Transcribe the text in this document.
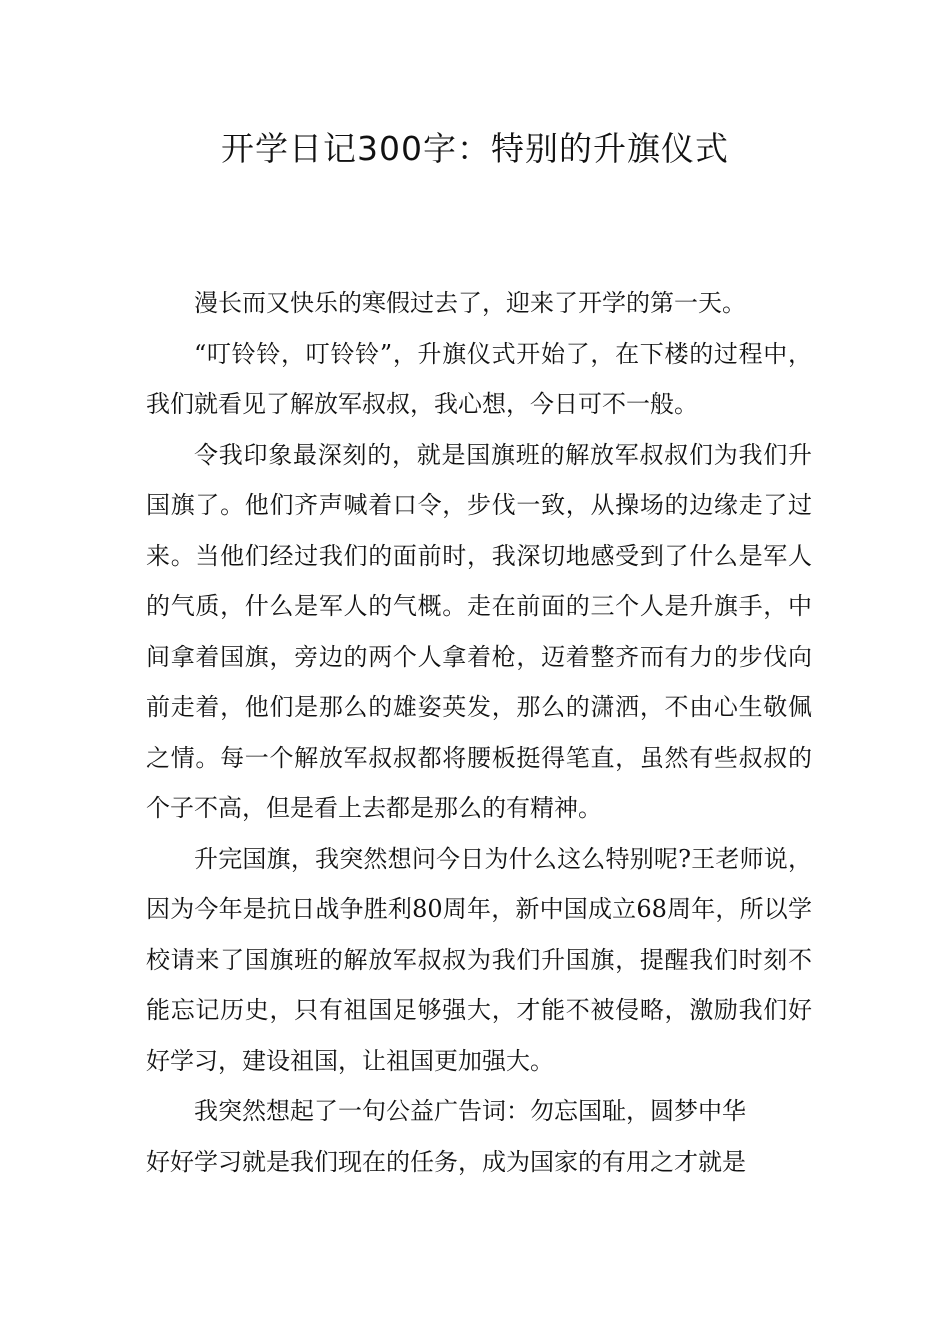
开学日记300字：特别的升旗仪式

漫长而又快乐的寒假过去了，迎来了开学的第一天。

“叮铃铃，叮铃铃”，升旗仪式开始了，在下楼的过程中，我们就看见了解放军叔叔，我心想，今日可不一般。

令我印象最深刻的，就是国旗班的解放军叔叔们为我们升国旗了。他们齐声喊着口令，步伐一致，从操场的边缘走了过来。当他们经过我们的面前时，我深切地感受到了什么是军人的气质，什么是军人的气概。走在前面的三个人是升旗手，中间拿着国旗，旁边的两个人拿着枪，迈着整齐而有力的步伐向前走着，他们是那么的雄姿英发，那么的潇洒，不由心生敬佩之情。每一个解放军叔叔都将腰板挺得笔直，虽然有些叔叔的个子不高，但是看上去都是那么的有精神。

升完国旗，我突然想问今日为什么这么特别呢?王老师说，因为今年是抗日战争胜利80周年，新中国成立68周年，所以学校请来了国旗班的解放军叔叔为我们升国旗，提醒我们时刻不能忘记历史，只有祖国足够强大，才能不被侵略，激励我们好好学习，建设祖国，让祖国更加强大。

我突然想起了一句公益广告词：勿忘国耻，圆梦中华

好好学习就是我们现在的任务，成为国家的有用之才就是
